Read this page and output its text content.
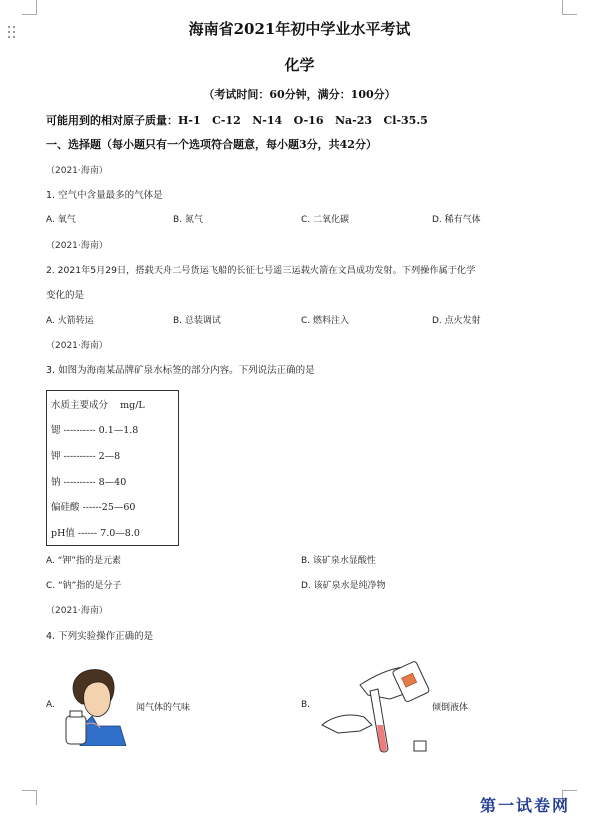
海南省2021年初中学业水平考试
化学
（考试时间：60分钟，满分：100分）
可能用到的相对原子质量：H-1   C-12   N-14   O-16   Na-23   Cl-35.5
一、选择题（每小题只有一个选项符合题意，每小题3分，共42分）
（2021·海南）
1. 空气中含量最多的气体是
A. 氧气	B. 氮气	C. 二氧化碳	D. 稀有气体
（2021·海南）
2. 2021年5月29日，搭载天舟二号货运飞船的长征七号遥三运载火箭在文昌成功发射。下列操作属于化学
变化的是
A. 火箭转运	B. 总装调试	C. 燃料注入	D. 点火发射
（2021·海南）
3. 如图为海南某品牌矿泉水标签的部分内容。下列说法正确的是
水质主要成分 mg/L
锶 ---------- 0.1—1.8
钾 ---------- 2—8
钠 ---------- 8—40
偏硅酸 ------25—60
pH值 ------ 7.0—8.0
A. “钾”指的是元素	B. 该矿泉水显酸性
C. “钠”指的是分子	D. 该矿泉水是纯净物
（2021·海南）
4. 下列实验操作正确的是
A.	闻气体的气味	B.	倾倒液体
第一试卷网
